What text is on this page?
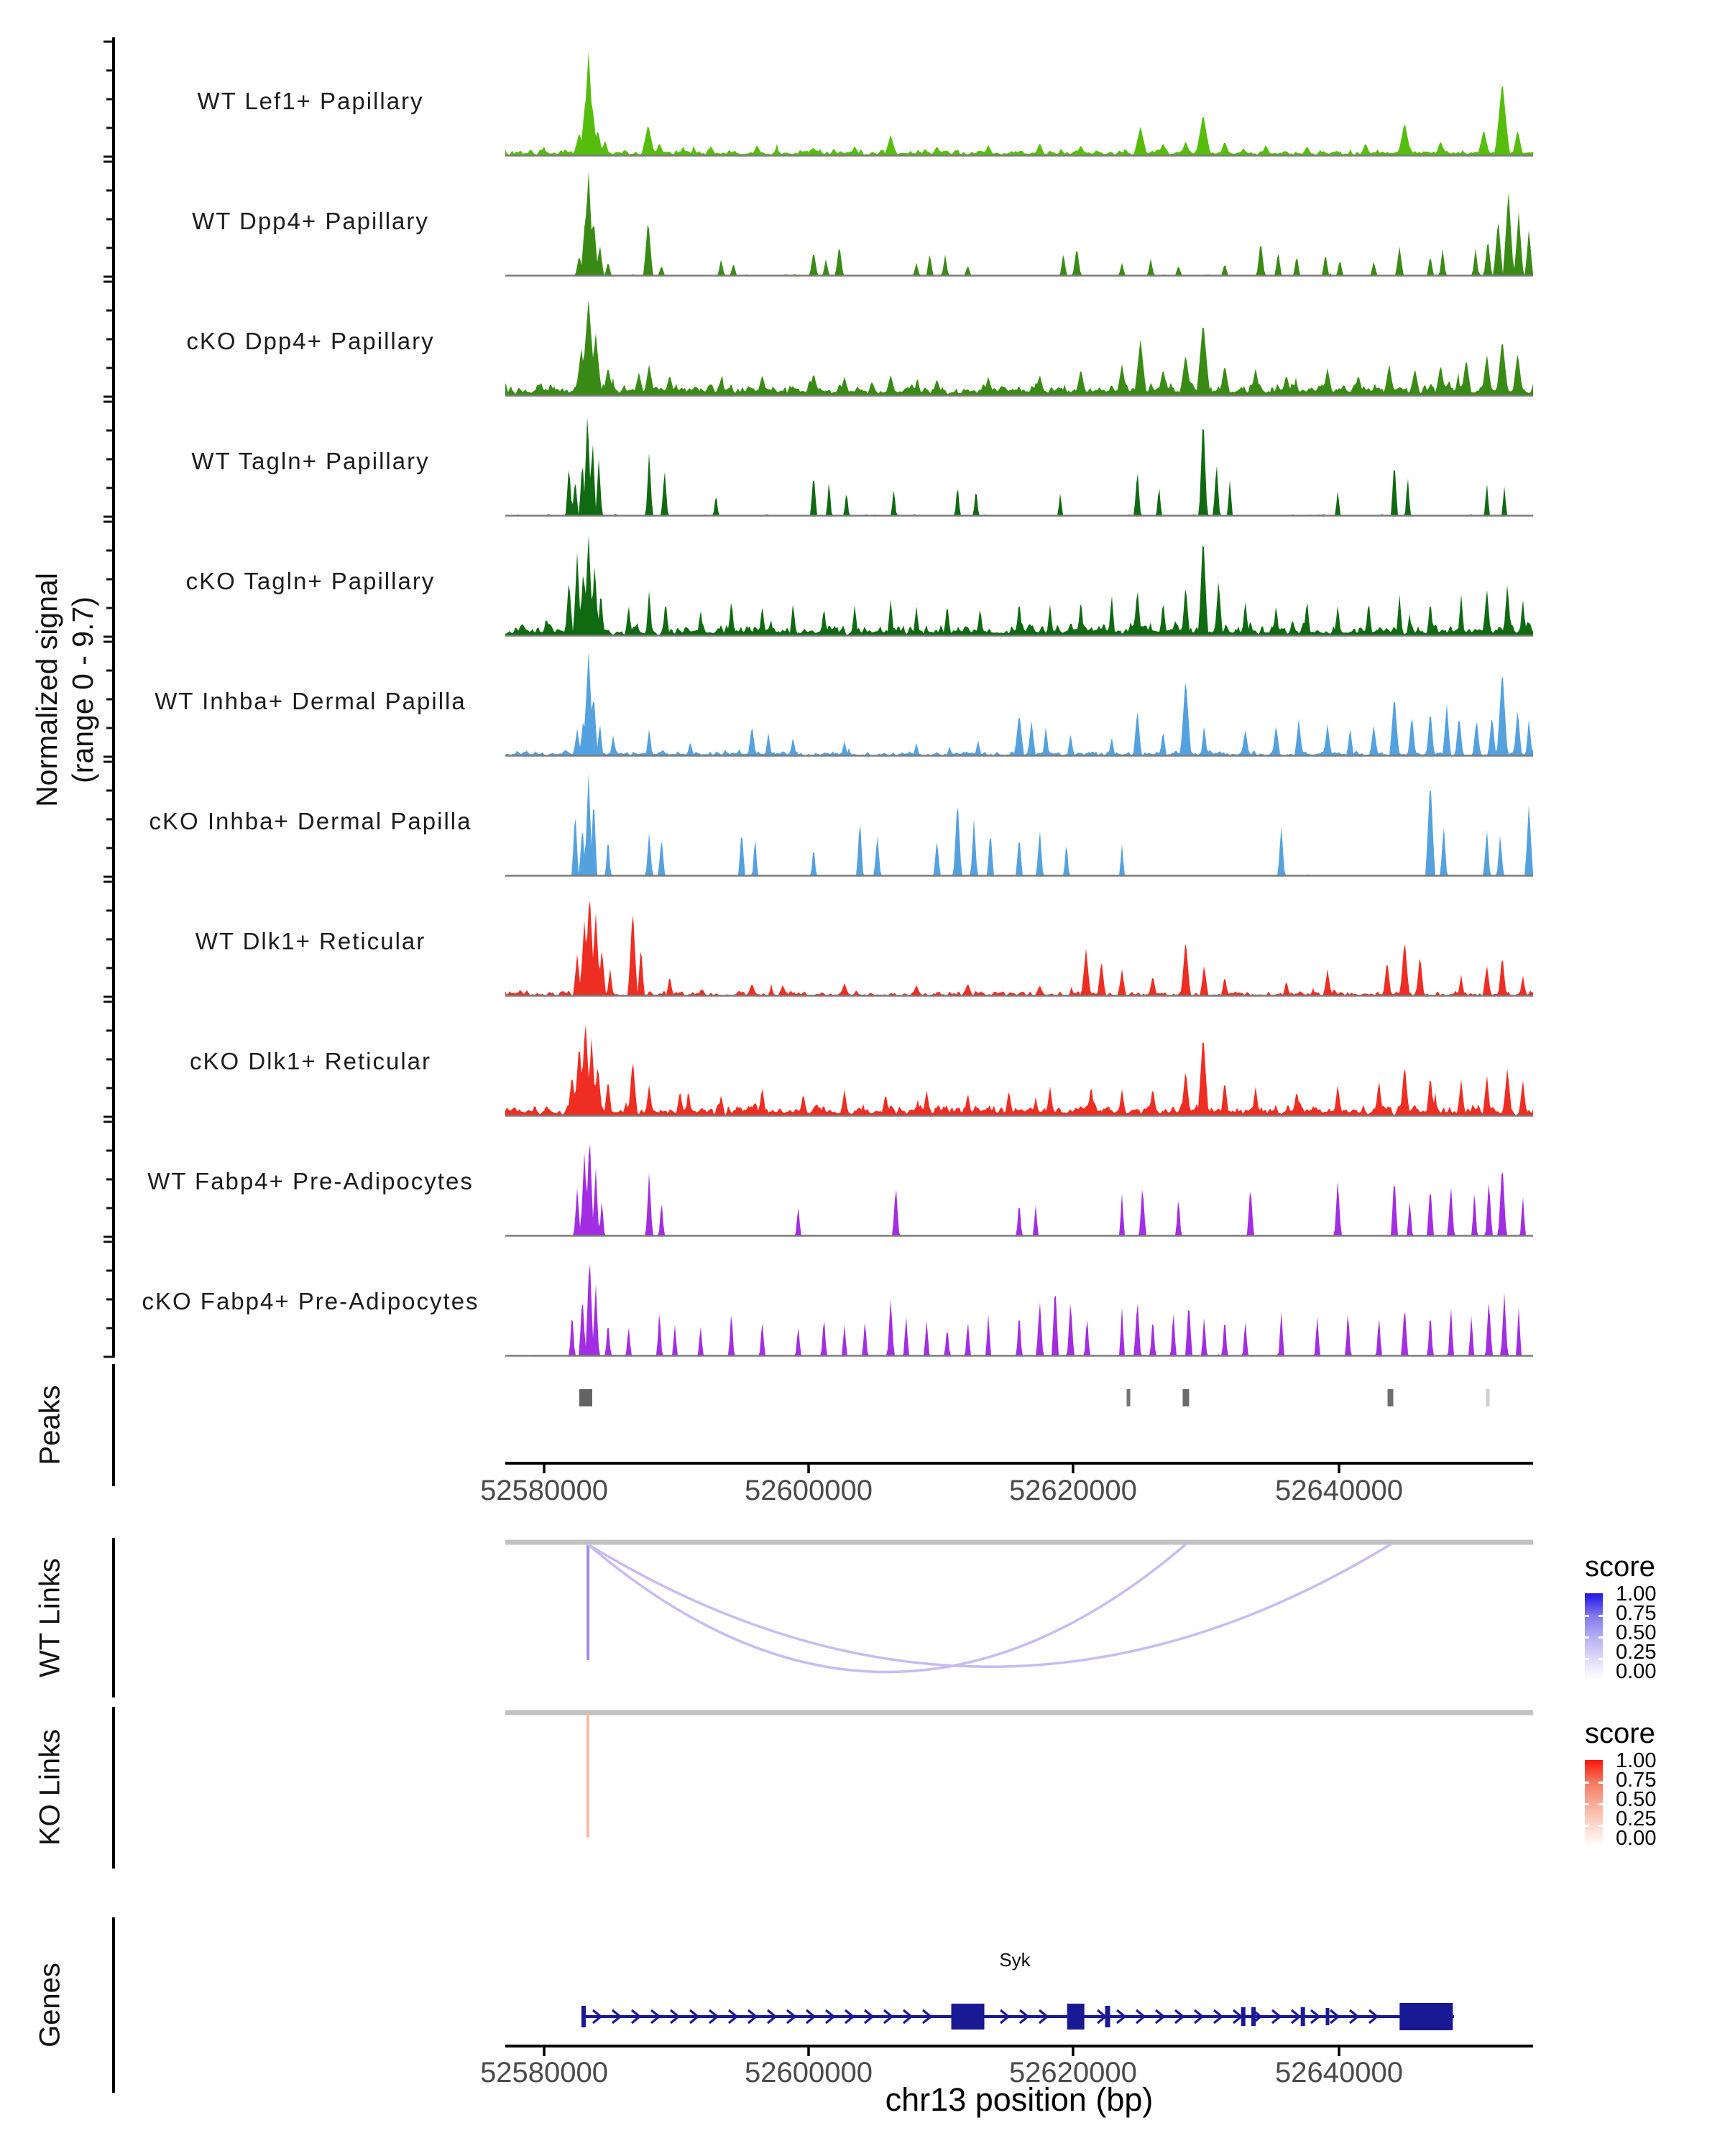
Normalized signal (range 0 - 9.7)
Peaks
WT Links
KO Links
Genes
WT Lef1+ Papillary
WT Dpp4+ Papillary
cKO Dpp4+ Papillary
WT Tagln+ Papillary
cKO Tagln+ Papillary
WT Inhba+ Dermal Papilla
cKO Inhba+ Dermal Papilla
WT Dlk1+ Reticular
cKO Dlk1+ Reticular
WT Fabp4+ Pre-Adipocytes
cKO Fabp4+ Pre-Adipocytes
52580000	52600000	52620000	52640000
score
1.00
0.75
0.50
0.25
0.00
score
1.00
0.75
0.50
0.25
0.00
Syk
52580000	52600000	52620000	52640000
chr13 position (bp)
